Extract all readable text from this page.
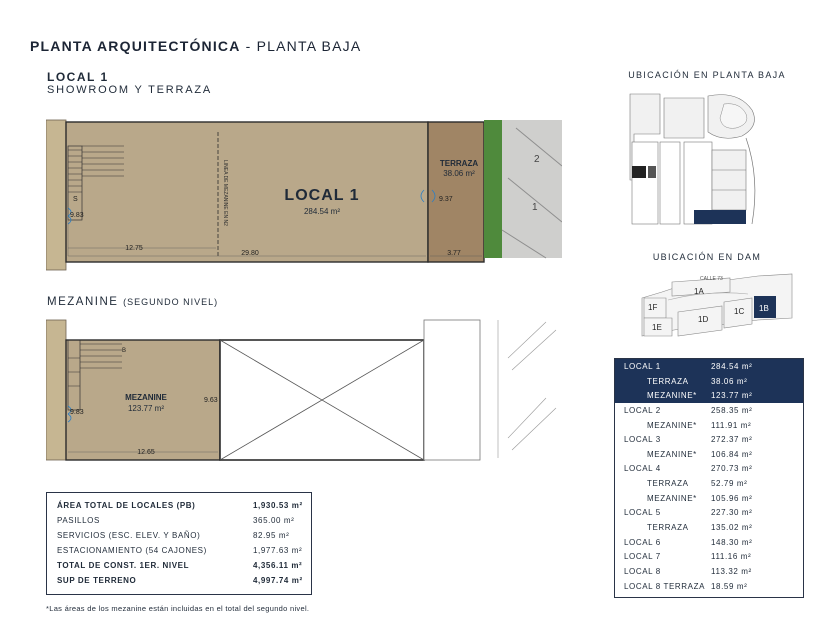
PLANTA ARQUITECTÓNICA - PLANTA BAJA
LOCAL 1
SHOWROOM Y TERRAZA
MEZANINE (SEGUNDO NIVEL)
1
2
S	LINEA DE MEZANINE EN N2	LOCAL 1
284.54 m²
TERRAZA
38.06 m²
9.83
9.37
12.75
29.80	3.77
B
MEZANINE
123.77 m²
9.83
9.63
12.65
UBICACIÓN EN PLANTA BAJA
UBICACIÓN EN DAM
CALLE 73
1F
1E
1A
1D
1C 1B
LOCAL 1	284.54 m²
TERRAZA	38.06 m²
MEZANINE* 123.77 m²
LOCAL 2	258.35 m²
MEZANINE* 111.91 m²
LOCAL 3	272.37 m²
MEZANINE* 106.84 m²
LOCAL 4	270.73 m²
TERRAZA	52.79 m²
MEZANINE* 105.96 m²
LOCAL 5	227.30 m²
TERRAZA	135.02 m²
LOCAL 6	148.30 m²
LOCAL 7	111.16 m²
LOCAL 8	113.32 m²
LOCAL 8 TERRAZA 18.59 m²
ÁREA TOTAL DE LOCALES (PB)	1,930.53 m²
PASILLOS	365.00 m²
SERVICIOS (ESC. ELEV. Y BAÑO)	82.95 m²
ESTACIONAMIENTO (54 CAJONES)	1,977.63 m²
TOTAL DE CONST. 1ER. NIVEL	4,356.11 m²
SUP DE TERRENO	4,997.74 m²
*Las áreas de los mezanine están incluidas en el total del segundo nivel.
